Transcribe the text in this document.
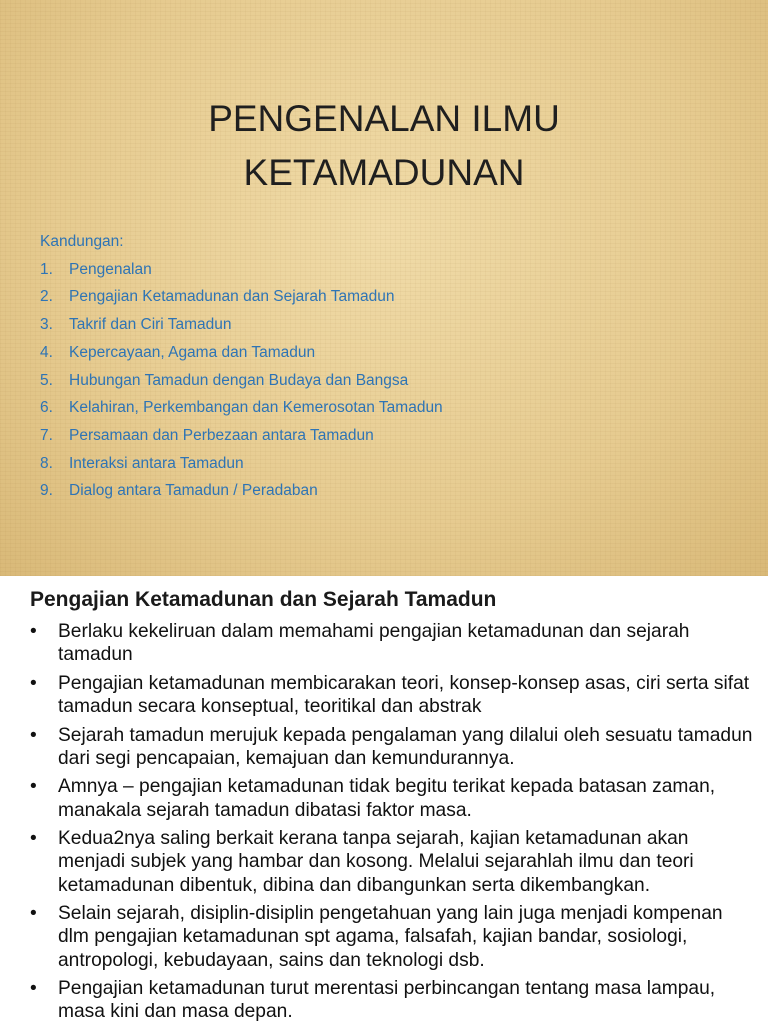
PENGENALAN ILMU
KETAMADUNAN
Kandungan:
1.	Pengenalan
2.	Pengajian Ketamadunan dan Sejarah Tamadun
3.	Takrif dan Ciri Tamadun
4.	Kepercayaan, Agama dan Tamadun
5.	Hubungan Tamadun dengan Budaya dan Bangsa
6.	Kelahiran, Perkembangan dan Kemerosotan Tamadun
7.	Persamaan dan Perbezaan antara Tamadun
8.	Interaksi antara Tamadun
9.	Dialog antara Tamadun / Peradaban
Pengajian Ketamadunan dan Sejarah Tamadun
• Berlaku kekeliruan dalam memahami pengajian ketamadunan dan sejarah tamadun
• Pengajian ketamadunan membicarakan teori, konsep-konsep asas, ciri serta sifat tamadun secara konseptual, teoritikal dan abstrak
• Sejarah tamadun merujuk kepada pengalaman yang dilalui oleh sesuatu tamadun dari segi pencapaian, kemajuan dan kemundurannya.
• Amnya – pengajian ketamadunan tidak begitu terikat kepada batasan zaman, manakala sejarah tamadun dibatasi faktor masa.
• Kedua2nya saling berkait kerana tanpa sejarah, kajian ketamadunan akan menjadi subjek yang hambar dan kosong. Melalui sejarahlah ilmu dan teori ketamadunan dibentuk, dibina dan dibangunkan serta dikembangkan.
• Selain sejarah, disiplin-disiplin pengetahuan yang lain juga menjadi kompenan dlm pengajian ketamadunan spt agama, falsafah, kajian bandar, sosiologi, antropologi, kebudayaan, sains dan teknologi dsb.
• Pengajian ketamadunan turut merentasi perbincangan tentang masa lampau, masa kini dan masa depan.
